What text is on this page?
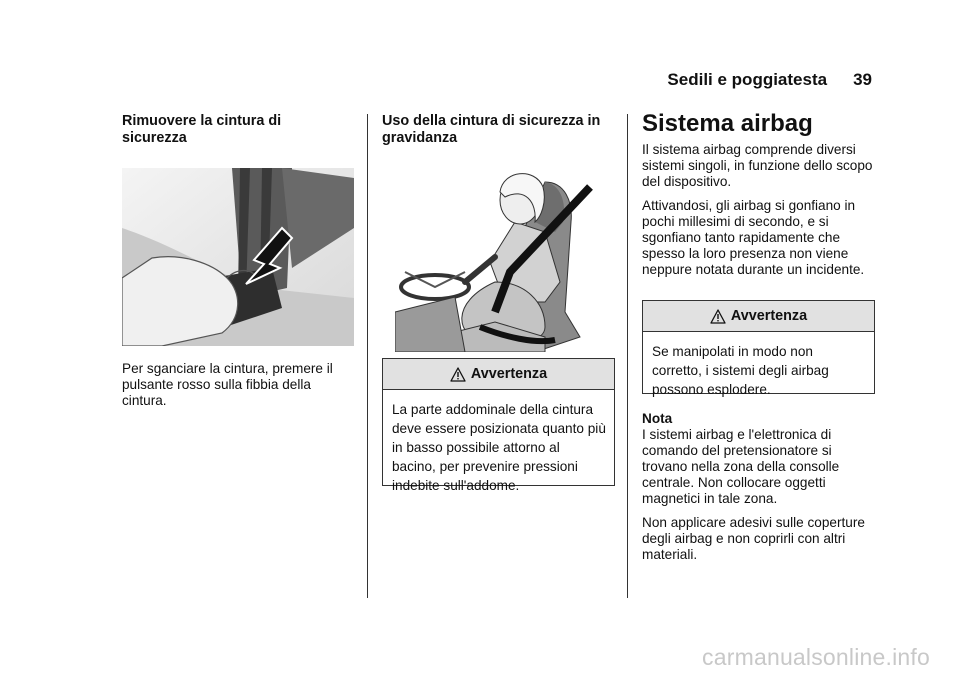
Sedili e poggiatesta 39

Rimuovere la cintura di sicurezza

Per sganciare la cintura, premere il pulsante rosso sulla fibbia della cintura.

Uso della cintura di sicurezza in gravidanza

Avvertenza
La parte addominale della cintura deve essere posizionata quanto più in basso possibile attorno al bacino, per prevenire pressioni indebite sull'addome.

Sistema airbag

Il sistema airbag comprende diversi sistemi singoli, in funzione dello scopo del dispositivo.

Attivandosi, gli airbag si gonfiano in pochi millesimi di secondo, e si sgonfiano tanto rapidamente che spesso la loro presenza non viene neppure notata durante un incidente.

Avvertenza
Se manipolati in modo non corretto, i sistemi degli airbag possono esplodere.

Nota

I sistemi airbag e l'elettronica di comando del pretensionatore si trovano nella zona della consolle centrale. Non collocare oggetti magnetici in tale zona.

Non applicare adesivi sulle coperture degli airbag e non coprirli con altri materiali.

carmanualsonline.info
